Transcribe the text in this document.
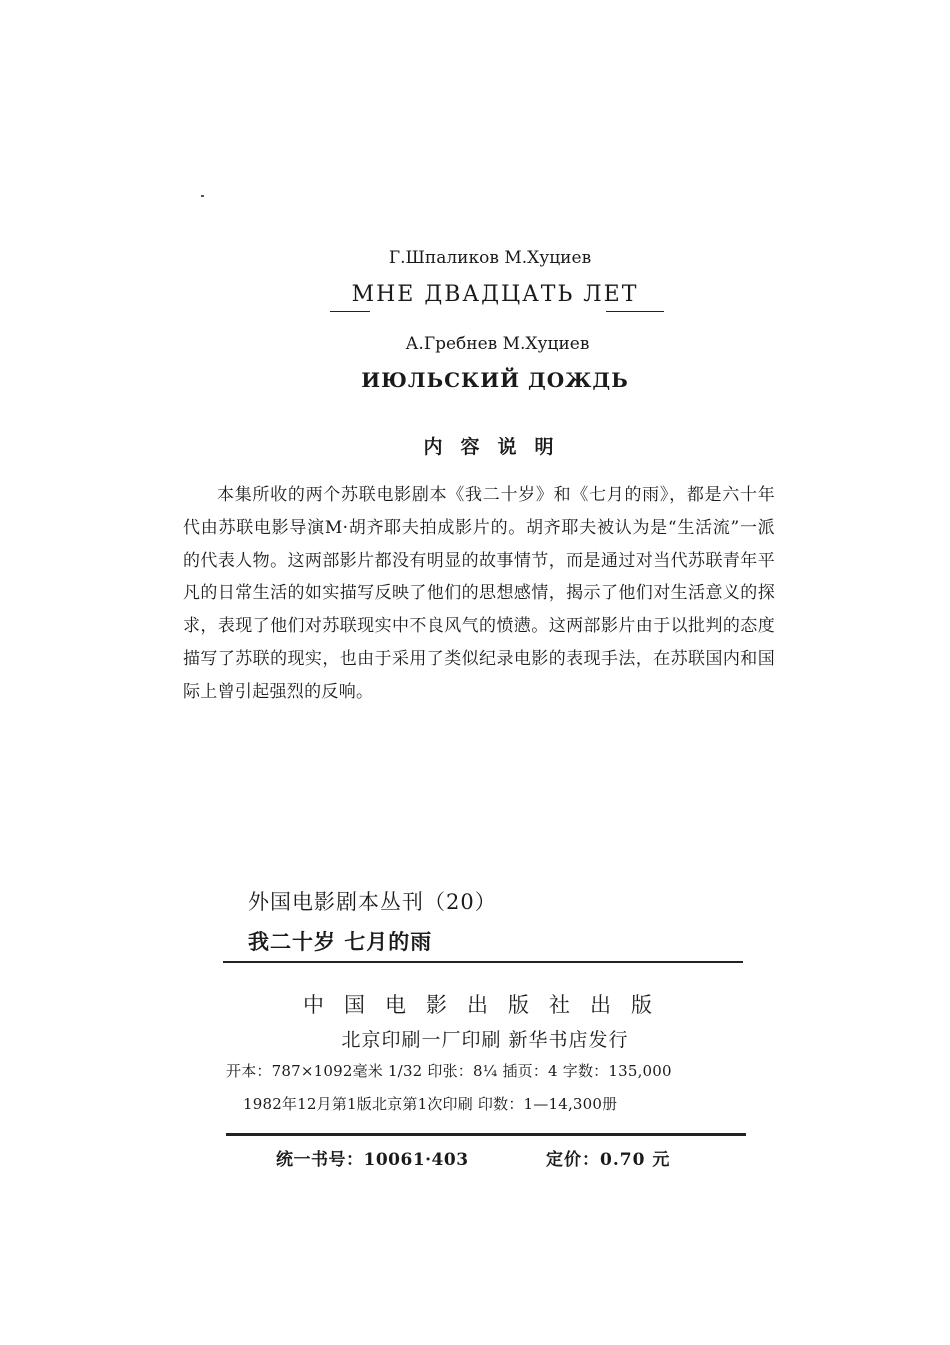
Г.Шпаликов М.Хуциев
МНЕ ДВАДЦАТЬ ЛЕТ
А.Гребнев М.Хуциев
ИЮЛЬСКИЙ ДОЖДЬ
内容说明
本集所收的两个苏联电影剧本《我二十岁》和《七月的雨》，都是六十年代由苏联电影导演M·胡齐耶夫拍成影片的。胡齐耶夫被认为是“生活流”一派的代表人物。这两部影片都没有明显的故事情节，而是通过对当代苏联青年平凡的日常生活的如实描写反映了他们的思想感情，揭示了他们对生活意义的探求，表现了他们对苏联现实中不良风气的愤懑。这两部影片由于以批判的态度描写了苏联的现实，也由于采用了类似纪录电影的表现手法，在苏联国内和国际上曾引起强烈的反响。
外国电影剧本丛刊（20）
我二十岁 七月的雨
中国电影出版社出版
北京印刷一厂印刷 新华书店发行
开本：787×1092毫米 1/32 印张：8¼ 插页：4 字数：135,000
1982年12月第1版北京第1次印刷 印数：1—14,300册
统一书号：10061·403	定价：0.70 元
